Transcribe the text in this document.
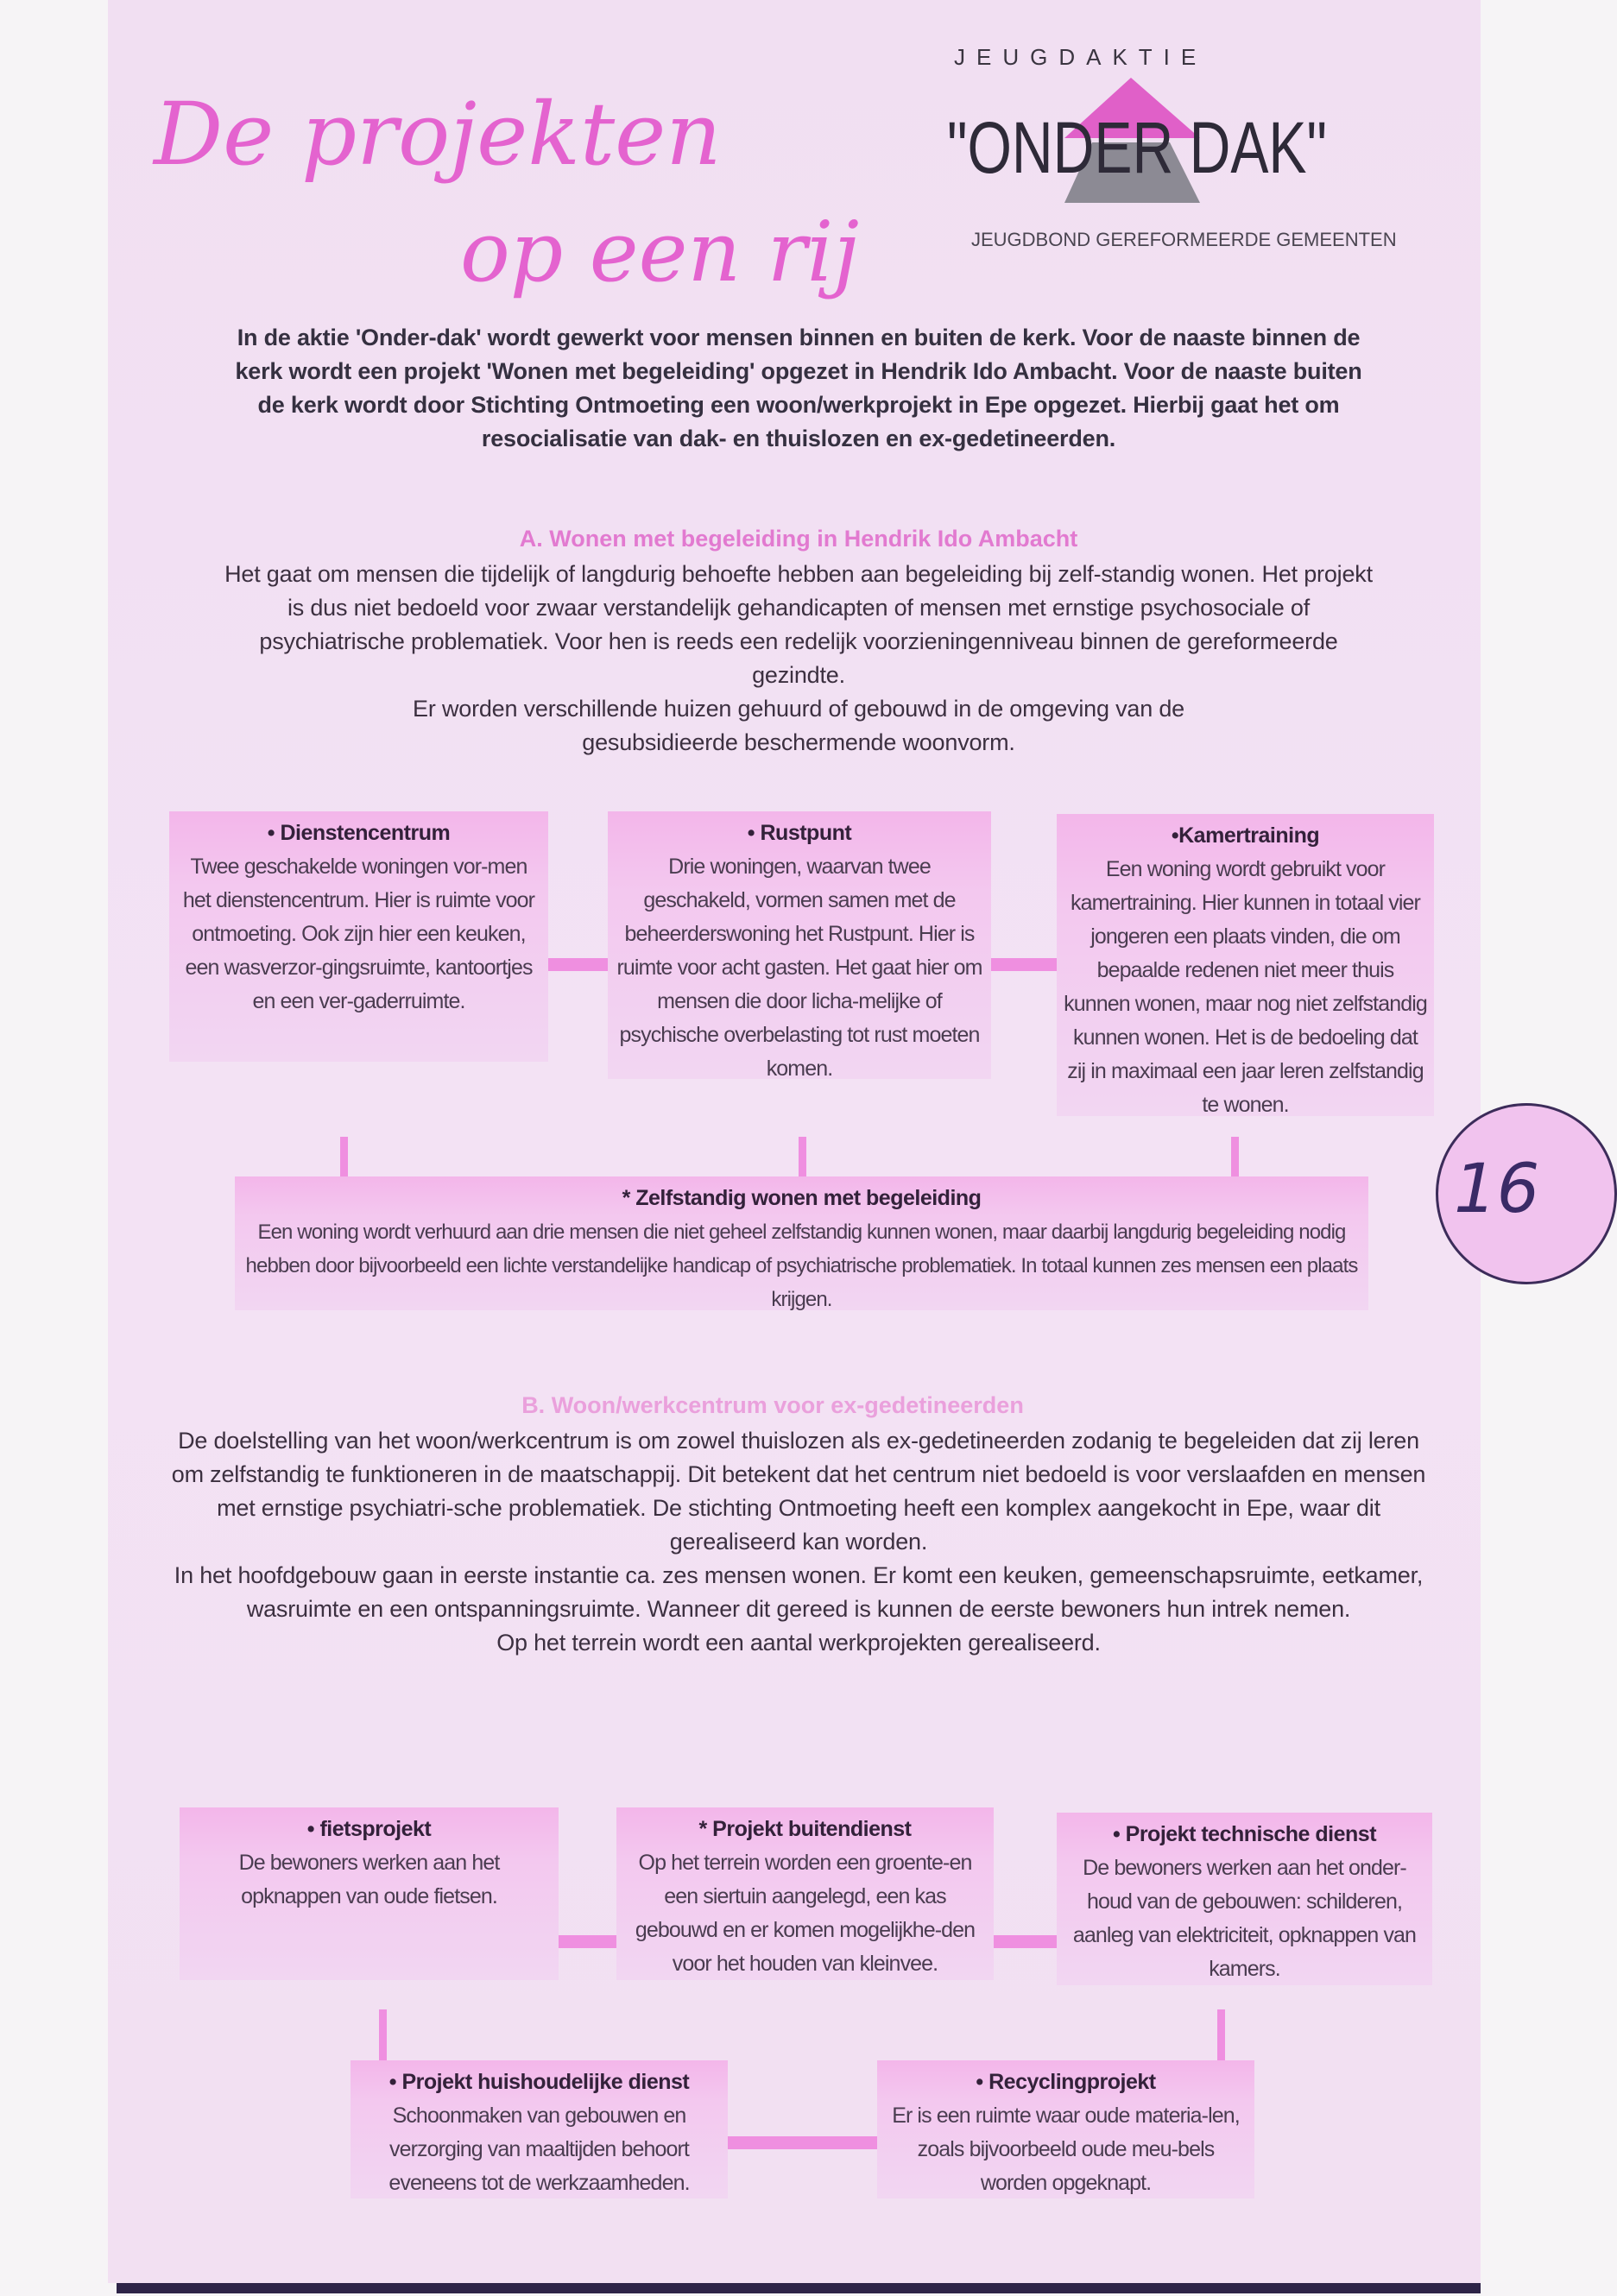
De projekten
op een rij
JEUGDAKTIE
"ONDER DAK"
JEUGDBOND GEREFORMEERDE GEMEENTEN
In de aktie 'Onder-dak' wordt gewerkt voor mensen binnen en buiten de kerk. Voor de naaste binnen de kerk wordt een projekt 'Wonen met begeleiding' opgezet in Hendrik Ido Ambacht. Voor de naaste buiten de kerk wordt door Stichting Ontmoeting een woon/werkprojekt in Epe opgezet. Hierbij gaat het om resocialisatie van dak- en thuislozen en ex-gedetineerden.
A. Wonen met begeleiding in Hendrik Ido Ambacht
Het gaat om mensen die tijdelijk of langdurig behoefte hebben aan begeleiding bij zelf-standig wonen. Het projekt is dus niet bedoeld voor zwaar verstandelijk gehandicapten of mensen met ernstige psychosociale of psychiatrische problematiek. Voor hen is reeds een redelijk voorzieningenniveau binnen de gereformeerde gezindte.
Er worden verschillende huizen gehuurd of gebouwd in de omgeving van de gesubsidieerde beschermende woonvorm.
• Dienstencentrum
Twee geschakelde woningen vor-men het dienstencentrum. Hier is ruimte voor ontmoeting. Ook zijn hier een keuken, een wasverzor-gingsruimte, kantoortjes en een ver-gaderruimte.
• Rustpunt
Drie woningen, waarvan twee geschakeld, vormen samen met de beheerderswoning het Rustpunt. Hier is ruimte voor acht gasten. Het gaat hier om mensen die door licha-melijke of psychische overbelasting tot rust moeten komen.
•Kamertraining
Een woning wordt gebruikt voor kamertraining. Hier kunnen in totaal vier jongeren een plaats vinden, die om bepaalde redenen niet meer thuis kunnen wonen, maar nog niet zelfstandig kunnen wonen. Het is de bedoeling dat zij in maximaal een jaar leren zelfstandig te wonen.
* Zelfstandig wonen met begeleiding
Een woning wordt verhuurd aan drie mensen die niet geheel zelfstandig kunnen wonen, maar daarbij langdurig begeleiding nodig hebben door bijvoorbeeld een lichte verstandelijke handicap of psychiatrische problematiek. In totaal kunnen zes mensen een plaats krijgen.
16
B. Woon/werkcentrum voor ex-gedetineerden
De doelstelling van het woon/werkcentrum is om zowel thuislozen als ex-gedetineerden zodanig te begeleiden dat zij leren om zelfstandig te funktioneren in de maatschappij. Dit betekent dat het centrum niet bedoeld is voor verslaafden en mensen met ernstige psychiatri-sche problematiek. De stichting Ontmoeting heeft een komplex aangekocht in Epe, waar dit gerealiseerd kan worden.
In het hoofdgebouw gaan in eerste instantie ca. zes mensen wonen. Er komt een keuken, gemeenschapsruimte, eetkamer, wasruimte en een ontspanningsruimte. Wanneer dit gereed is kunnen de eerste bewoners hun intrek nemen.
Op het terrein wordt een aantal werkprojekten gerealiseerd.
• fietsprojekt
De bewoners werken aan het opknappen van oude fietsen.
* Projekt buitendienst
Op het terrein worden een groente-en een siertuin aangelegd, een kas gebouwd en er komen mogelijkhe-den voor het houden van kleinvee.
• Projekt technische dienst
De bewoners werken aan het onder-houd van de gebouwen: schilderen, aanleg van elektriciteit, opknappen van kamers.
• Projekt huishoudelijke dienst
Schoonmaken van gebouwen en verzorging van maaltijden behoort eveneens tot de werkzaamheden.
• Recyclingprojekt
Er is een ruimte waar oude materia-len, zoals bijvoorbeeld oude meu-bels worden opgeknapt.
